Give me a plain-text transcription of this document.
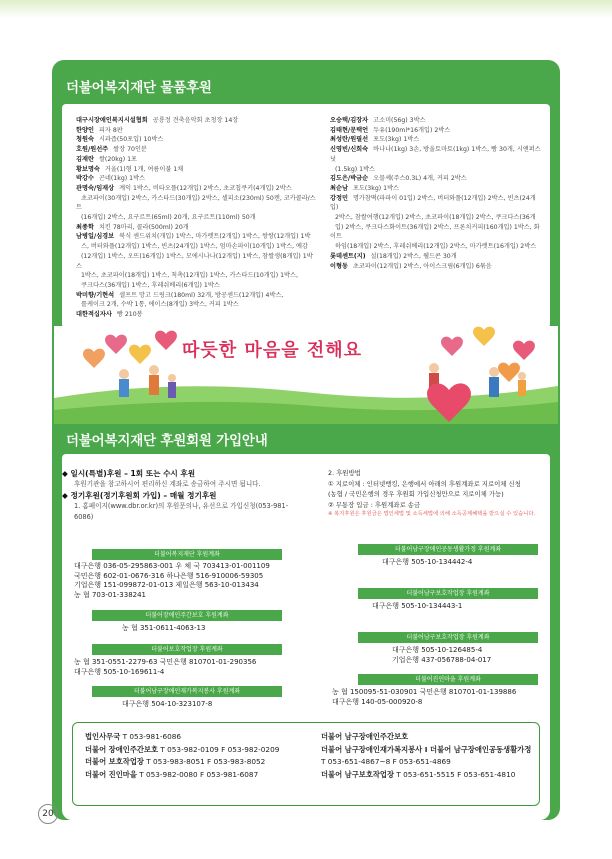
더불어복지재단 물품후원
대구시장애인복지시설협회 공룡정 견축음악회 초청장 14장
한양인 피자 8판
청원숙 시과즙(50포입) 10박스
호원/원선주 쌀장 70인분
김재란 쌀(20kg) 1포
황보명숙 거울(1)형 1개, 여름이불 1채
박강수 곤네(1kg) 1박스
관명숙/임재상 계익 1박스, 비타오플(12개입) 2박스, 초코칩쿠키(4개입) 2박스
초코파이(30개입) 2박스, 카스타드(30개입) 2박스, 셀피소(230ml) 50캔, 코카콜라/스트
(16개입) 2박스, 요구르트(65ml) 20개, 요구르트(110ml) 50개
최종학 치킨 78마리, 콜라(500ml) 20개
남병일/심경보 북식 센드위치(개입) 1박스, 마가렛트(2개입) 1박스, 쌍쌍(12개입) 1박
스, 버터와플(12개입) 1박스, 빈츠(24개입) 1박스, 엄마손파이(10개입) 1박스, 예감
(12개입) 1박스, 오뜨(16개입) 1박스, 모에시나나(12개입) 1박스, 참쌀생(8개입) 1박스
1박스, 초코파이(18개입) 1박스, 칙촉(12개입) 1박스, 카스타드(10개입) 1박스,
쿠크다스(36개입) 1박스, 후레쉬베리(6개입) 1박스
박미향/기현석 셀프트 망고 드링크(180ml) 32개, 방공센드(12개입) 4박스,
롤케이크 2개, 수박 1통, 에이스(8개입) 3박스, 커피 1박스
대한적십자사 빵 210봉
오승택/김장자 고소미(56g) 3박스
김태현/문택언 두유(190ml*16개입) 2박스
최성란/원필선 포도(3kg) 1박스
신영빈/신희숙 바나나(1kg) 3손, 방울토마토(1kg) 1박스, 빵 30개, 시앤퍼스넛
(1.5kg) 1박스
김도은/박금순 오믈셰(주스0.3L) 4개, 커피 2박스
최순남 포도(3kg) 1박스
강정민 명가참떡(파파이 01입) 2박스, 버터와플(12개입) 2박스, 빈츠(24개입)
2박스, 참쌀여행(12개입) 2박스, 초코파이(18개입) 2박스, 쿠크다스(36개
입) 2박스, 쿠크다스화이트(36개입) 2박스, 프론치커피(160개입) 1박스, 화이트
하임(18개입) 2박스, 후레쉬베리(12개입) 2박스, 마가렛트(16개입) 2박스
롯데센트(지) 설(18개입) 2박스, 웰드콘 30개
이형동 초코파이(12개입) 2박스, 아이스크림(6개입) 6묶음
따듯한 마음을 전해요
더불어복지재단 후원회원 가입안내
◆ 일시(특별)후원 – 1회 또는 수시 후원
후원기관을 참고하시어 편리하신 계좌로 송금하여 주시면 됩니다.
◆ 정기후원(정기후원회 가입) – 매월 정기후원
1. 홈페이지(www.dbr.or.kr)의 후원문의나, 유선으로 가입신청(053-981-6086)
2. 후원방법
① 지로이체 : 인터넷뱅킹, 은행에서 아래의 후원계좌로 지로이체 신청
(농협 / 국민은행의 경우 후원회 가입신청만으로 지로이체 가능)
② 무통장 입금 : 후원계좌로 송금
※ 복지후원은 후원금은 법인세법 및 소득세법에 의해 소득공제혜택을 받으실 수 있습니다.
더불어복지재단 후원계좌
대구은행 036-05-295863-001 우 체 국 703413-01-001109
국민은행 602-01-0676-316 하나은행 516-910006-59305
기업은행 151-099872-01-013 제일은행 563-10-013434
농 협 703-01-338241
더불어장애인주간보호 후원계좌
농 협 351-0611-4063-13
더불어보호작업장 후원계좌
농 협 351-0551-2279-63 국민은행 810701-01-290356
대구은행 505-10-169611-4
더불어남구장애인재가복지봉사 후원계좌
대구은행 504-10-323107-8
더불어남구장애인공동생활가정 후원계좌
대구은행 505-10-134442-4
더불어남구보호작업장 후원계좌
대구은행 505-10-134443-1
더불어남구보호작업장 후원계좌
대구은행 505-10-126485-4
기업은행 437-056788-04-017
더불어진인마을 후원계좌
농 협 150095-51-030901 국민은행 810701-01-139886
대구은행 140-05-000920-8
법인사무국 T 053-981-6086
더불어 장애인주간보호 T 053-982-0109 F 053-982-0209
더불어 보호작업장 T 053-983-8051 F 053-983-8052
더불어 진인마을 T 053-982-0080 F 053-981-6087
더불어 남구장애인주간보호
더불어 남구장애인재가복지봉사 I 더불어 남구장애인공동생활가정
T 053-651-4867~8 F 053-651-4869
더불어 남구보호작업장 T 053-651-5515 F 053-651-4810
20
